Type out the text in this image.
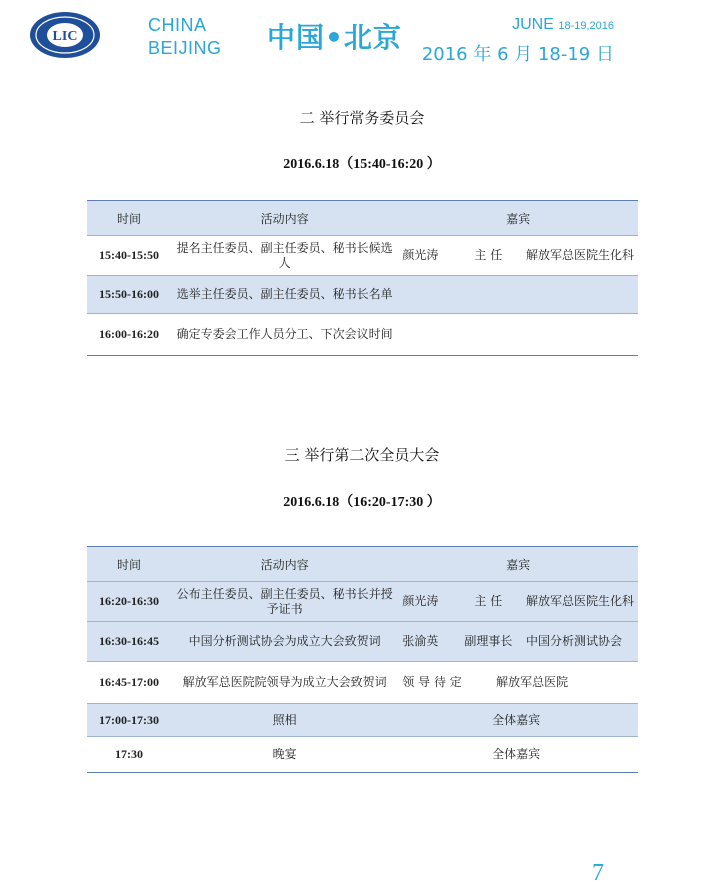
LIC
CHINA
BEIJING 中国•北京	JUNE 18-19,2016
2016 年 6 月 18-19 日
二 举行常务委员会
2016.6.18（15:40-16:20 ）
时间	活动内容	嘉宾
15:40-15:50	提名主任委员、副主任委员、秘书长候选人	颜光涛 主 任 解放军总医院生化科
15:50-16:00	选举主任委员、副主任委员、秘书长名单	
16:00-16:20	确定专委会工作人员分工、下次会议时间	
三 举行第二次全员大会
2016.6.18（16:20-17:30 ）
时间	活动内容	嘉宾
16:20-16:30	公布主任委员、副主任委员、秘书长并授予证书	颜光涛 主 任 解放军总医院生化科
16:30-16:45	中国分析测试协会为成立大会致贺词	张渝英 副理事长 中国分析测试协会
16:45-17:00	解放军总医院院领导为成立大会致贺词	领 导 待 定 解放军总医院
17:00-17:30	照相	全体嘉宾
17:30	晚宴	全体嘉宾
7
